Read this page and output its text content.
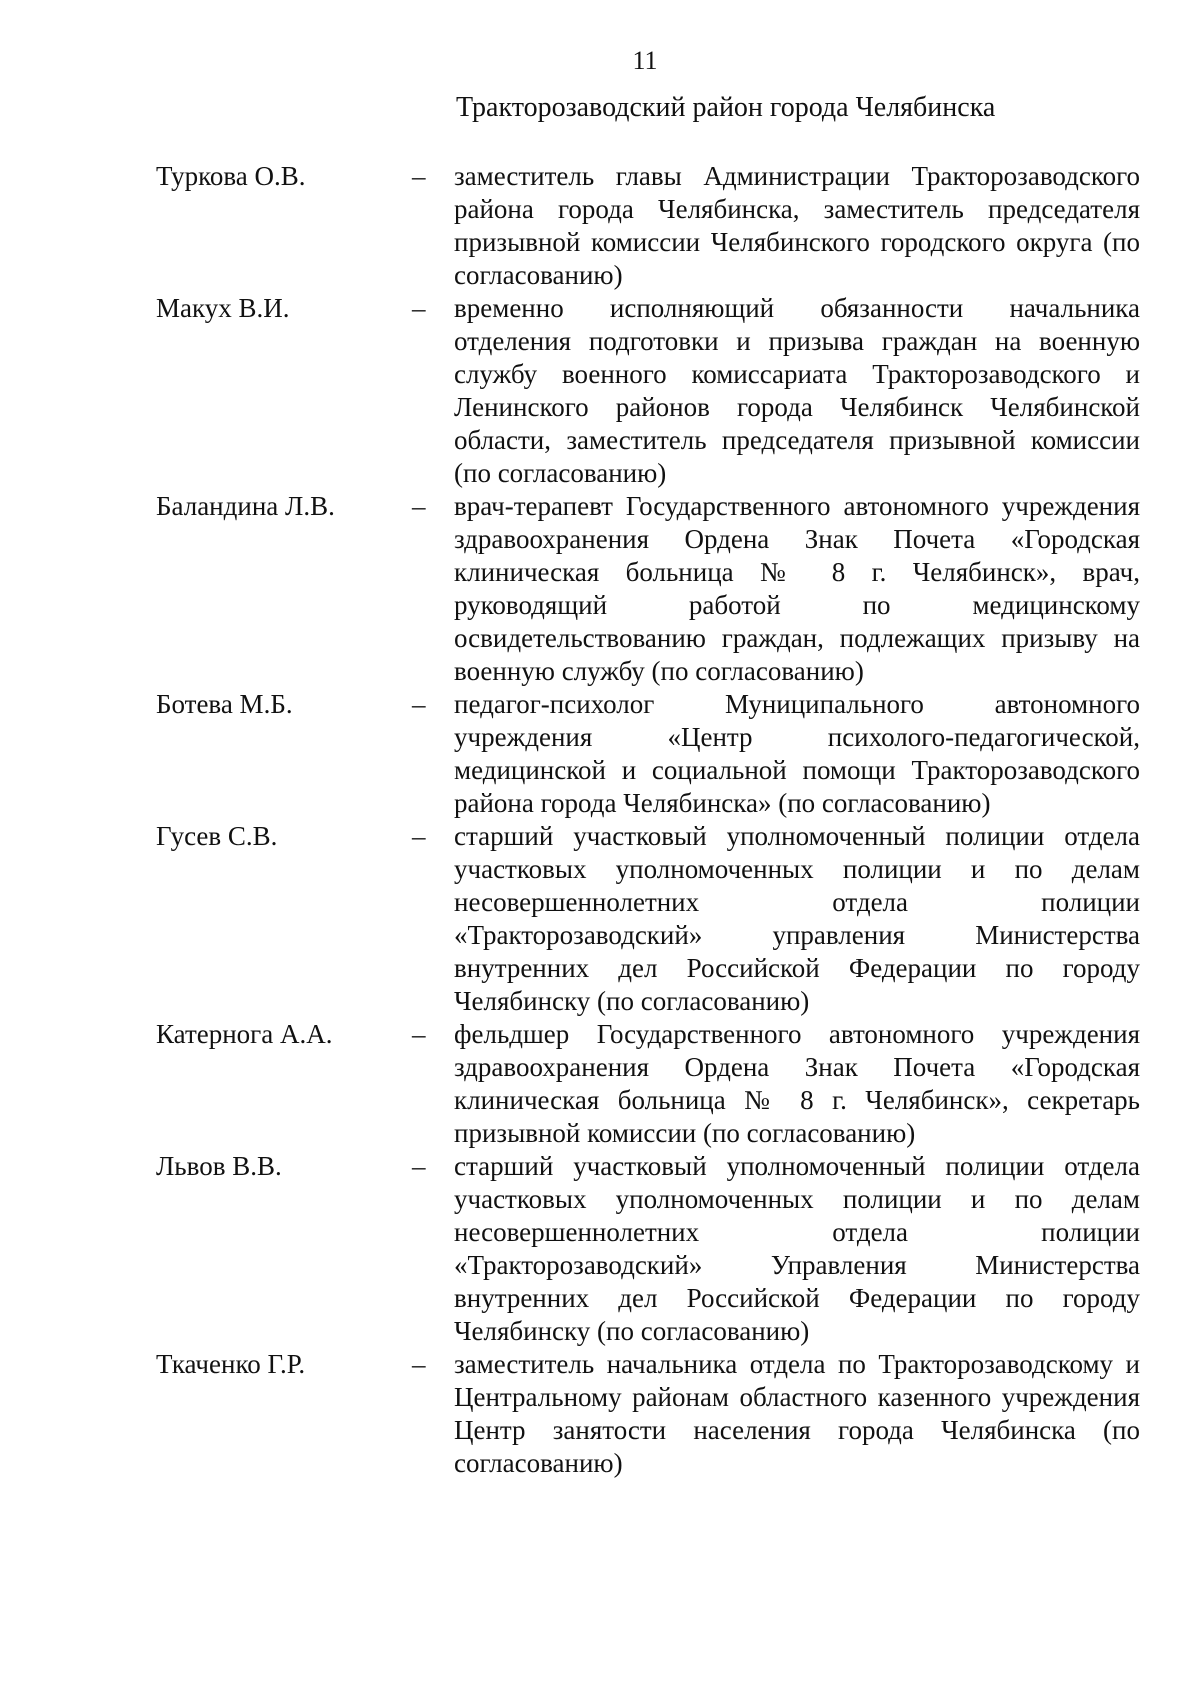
11
Тракторозаводский район города Челябинска
Туркова О.В.	– заместитель главы Администрации Тракторозаводского района города Челябинска, заместитель председателя призывной комиссии Челябинского городского округа (по согласованию)
Макух В.И.	– временно исполняющий обязанности начальника отделения подготовки и призыва граждан на военную службу военного комиссариата Тракторозаводского и Ленинского районов города Челябинск Челябинской области, заместитель председателя призывной комиссии (по согласованию)
Баландина Л.В.	– врач-терапевт Государственного автономного учреждения здравоохранения Ордена Знак Почета «Городская клиническая больница № 8 г. Челябинск», врач, руководящий работой по медицинскому освидетельствованию граждан, подлежащих призыву на военную службу (по согласованию)
Ботева М.Б.	– педагог-психолог Муниципального автономного учреждения «Центр психолого-педагогической, медицинской и социальной помощи Тракторозаводского района города Челябинска» (по согласованию)
Гусев С.В.	– старший участковый уполномоченный полиции отдела участковых уполномоченных полиции и по делам несовершеннолетних отдела полиции «Тракторозаводский» управления Министерства внутренних дел Российской Федерации по городу Челябинску (по согласованию)
Катернога А.А.	– фельдшер Государственного автономного учреждения здравоохранения Ордена Знак Почета «Городская клиническая больница № 8 г. Челябинск», секретарь призывной комиссии (по согласованию)
Львов В.В.	– старший участковый уполномоченный полиции отдела участковых уполномоченных полиции и по делам несовершеннолетних отдела полиции «Тракторозаводский» Управления Министерства внутренних дел Российской Федерации по городу Челябинску (по согласованию)
Ткаченко Г.Р.	– заместитель начальника отдела по Тракторозаводскому и Центральному районам областного казенного учреждения Центр занятости населения города Челябинска (по согласованию)
